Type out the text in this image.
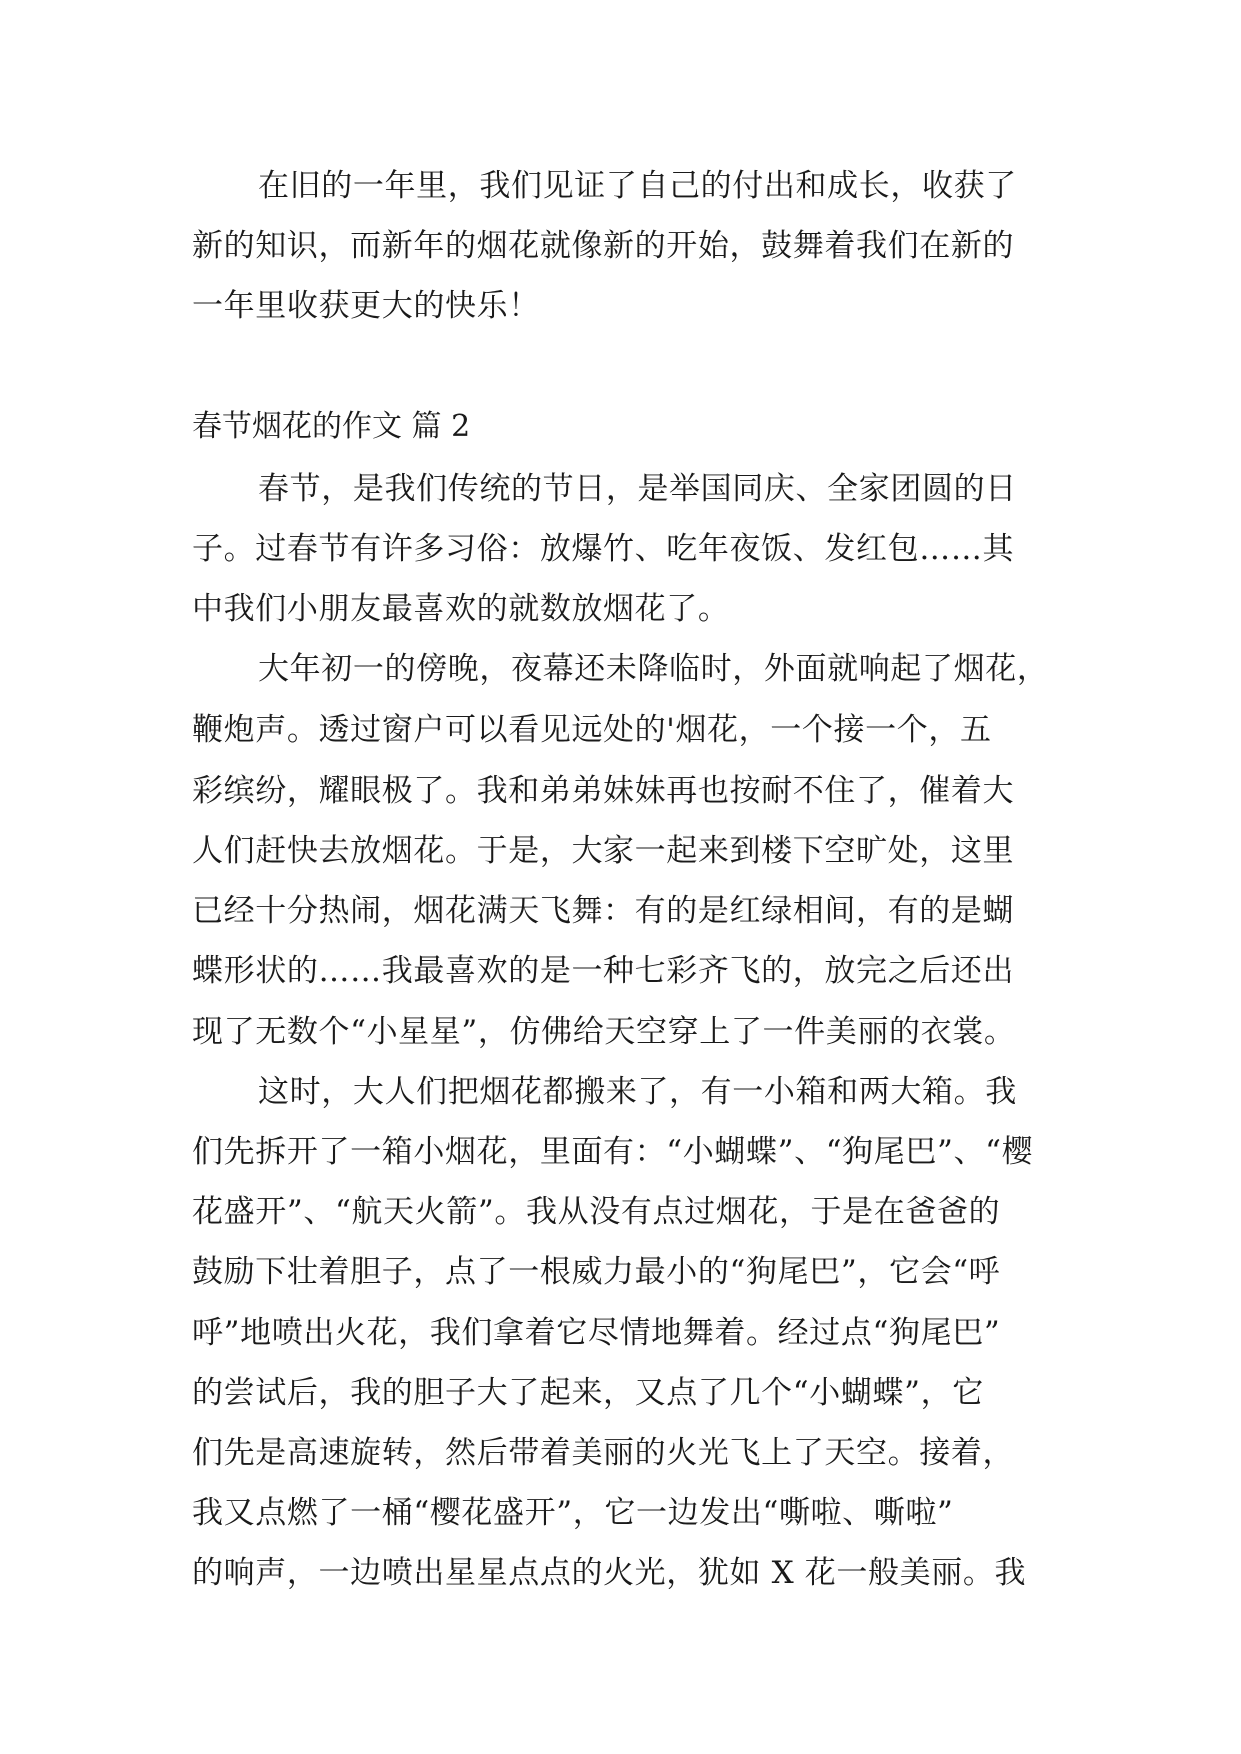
在旧的一年里，我们见证了自己的付出和成长，收获了
新的知识，而新年的烟花就像新的开始，鼓舞着我们在新的
一年里收获更大的快乐！
春节烟花的作文 篇 2
春节，是我们传统的节日，是举国同庆、全家团圆的日
子。过春节有许多习俗：放爆竹、吃年夜饭、发红包……其
中我们小朋友最喜欢的就数放烟花了。
大年初一的傍晚，夜幕还未降临时，外面就响起了烟花，
鞭炮声。透过窗户可以看见远处的'烟花，一个接一个，五
彩缤纷，耀眼极了。我和弟弟妹妹再也按耐不住了，催着大
人们赶快去放烟花。于是，大家一起来到楼下空旷处，这里
已经十分热闹，烟花满天飞舞：有的是红绿相间，有的是蝴
蝶形状的……我最喜欢的是一种七彩齐飞的，放完之后还出
现了无数个“小星星”，仿佛给天空穿上了一件美丽的衣裳。
这时，大人们把烟花都搬来了，有一小箱和两大箱。我
们先拆开了一箱小烟花，里面有：“小蝴蝶”、“狗尾巴”、“樱
花盛开”、“航天火箭”。我从没有点过烟花，于是在爸爸的
鼓励下壮着胆子，点了一根威力最小的“狗尾巴”，它会“呼
呼”地喷出火花，我们拿着它尽情地舞着。经过点“狗尾巴”
的尝试后，我的胆子大了起来，又点了几个“小蝴蝶”，它
们先是高速旋转，然后带着美丽的火光飞上了天空。接着，
我又点燃了一桶“樱花盛开”，它一边发出“嘶啦、嘶啦”
的响声，一边喷出星星点点的火光，犹如 X 花一般美丽。我
